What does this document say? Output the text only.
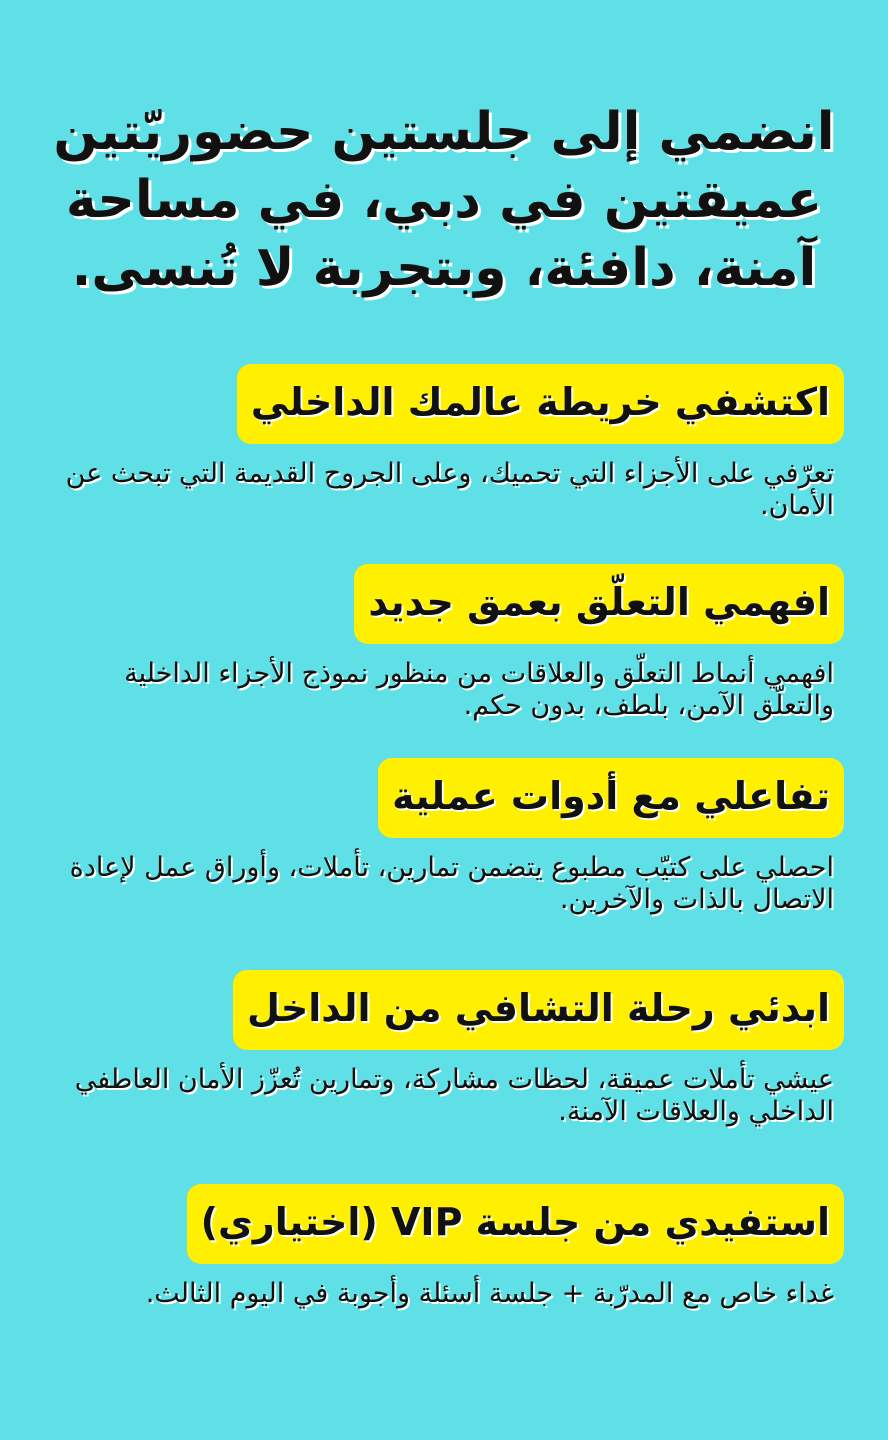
انضمي إلى جلستين حضوريّتين عميقتين في دبي، في مساحة آمنة، دافئة، وبتجربة لا تُنسى.
اكتشفي خريطة عالمك الداخلي
تعرّفي على الأجزاء التي تحميك، وعلى الجروح القديمة التي تبحث عن الأمان.
افهمي التعلّق بعمق جديد
افهمي أنماط التعلّق والعلاقات من منظور نموذج الأجزاء الداخلية والتعلّق الآمن، بلطف، بدون حكم.
تفاعلي مع أدوات عملية
احصلي على كتيّب مطبوع يتضمن تمارين، تأملات، وأوراق عمل لإعادة الاتصال بالذات والآخرين.
ابدئي رحلة التشافي من الداخل
عيشي تأملات عميقة، لحظات مشاركة، وتمارين تُعزّز الأمان العاطفي الداخلي والعلاقات الآمنة.
استفيدي من جلسة VIP (اختياري)
غداء خاص مع المدرّبة + جلسة أسئلة وأجوبة في اليوم الثالث.
